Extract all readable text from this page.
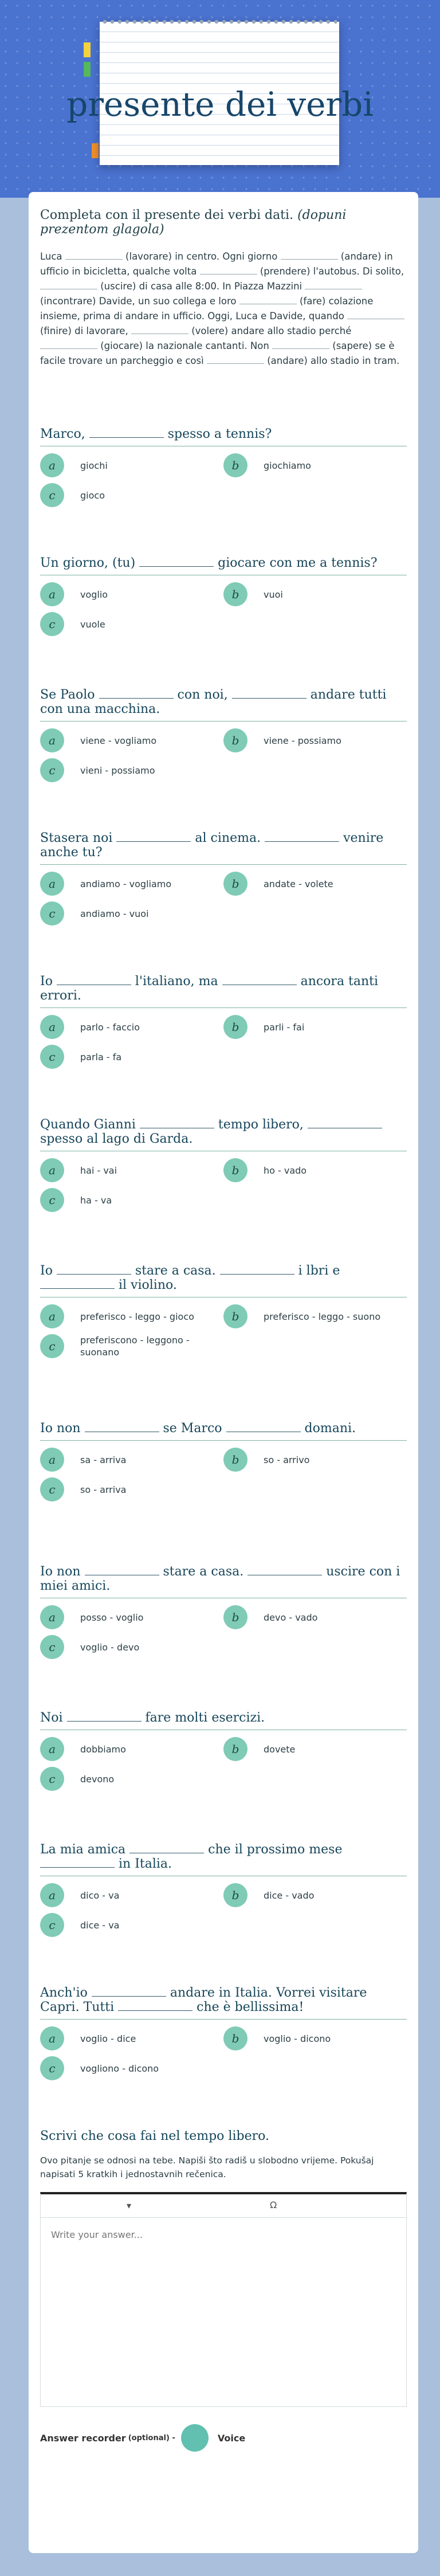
presente dei verbi
Completa con il presente dei verbi dati. (dopuni prezentom glagola)
Luca	(lavorare) in centro. Ogni giorno	(andare) in ufficio in bicicletta, qualche volta	(prendere) l'autobus. Di solito,  (uscire) di casa alle 8:00. In Piazza Mazzini  (incontrare) Davide, un suo collega e loro	(fare) colazione insieme, prima di andare in ufficio. Oggi, Luca e Davide, quando  (finire) di lavorare,	(volere) andare allo stadio perché  (giocare) la nazionale cantanti. Non	(sapere) se è facile trovare un parcheggio e così	(andare) allo stadio in tram.
Marco,	spesso a tennis?
a	giochi	b	giochiamo
c	gioco
Un giorno, (tu)	giocare con me a tennis?
a	voglio	b	vuoi
c	vuole
Se Paolo	con noi,	andare tutti con una macchina.
a	viene - vogliamo	b	viene - possiamo
c	vieni - possiamo
Stasera noi	al cinema.	venire anche tu?
a	andiamo - vogliamo	b	andate - volete
c	andiamo - vuoi
Io	l'italiano, ma	ancora tanti errori.
a	parlo - faccio	b	parli - fai
c	parla - fa
Quando Gianni	tempo libero,  spesso al lago di Garda.
a	hai - vai	b	ho - vado
c	ha - va
Io	stare a casa.	i lbri e  il violino.
a	preferisco - leggo - gioco	b	preferisco - leggo - suono
c	preferiscono - leggono - suonano
Io non	se Marco	domani.
a	sa - arriva	b	so - arrivo
c	so - arriva
Io non	stare a casa.	uscire con i miei amici.
a	posso - voglio	b	devo - vado
c	voglio - devo
Noi	fare molti esercizi.
a	dobbiamo	b	dovete
c	devono
La mia amica	che il prossimo mese  in Italia.
a	dico - va	b	dice - vado
c	dice - va
Anch'io	andare in Italia. Vorrei visitare Capri. Tutti	che è bellissima!
a	voglio - dice	b	voglio - dicono
c	vogliono - dicono
Scrivi che cosa fai nel tempo libero.
Ovo pitanje se odnosi na tebe. Napiši što radiš u slobodno vrijeme. Pokušaj napisati 5 kratkih i jednostavnih rečenica.
▾	Ω
Write your answer...
Answer recorder (optional) -	Voice
